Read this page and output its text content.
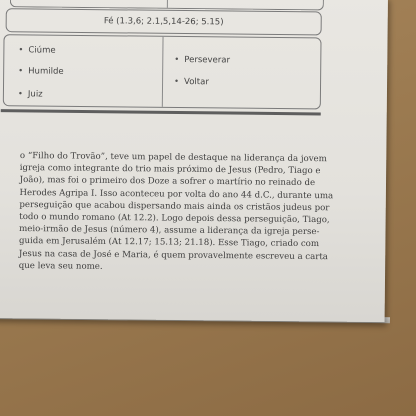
Fé (1.3,6; 2.1,5,14-26; 5.15)
• Ciúme
• Humilde
• Juiz
• Perseverar
• Voltar
o “Filho do Trovão”, teve um papel de destaque na liderança da jovem
igreja como integrante do trio mais próximo de Jesus (Pedro, Tiago e
João), mas foi o primeiro dos Doze a sofrer o martírio no reinado de
Herodes Agripa I. Isso aconteceu por volta do ano 44 d.C., durante uma
perseguição que acabou dispersando mais ainda os cristãos judeus por
todo o mundo romano (At 12.2). Logo depois dessa perseguição, Tiago,
meio-irmão de Jesus (número 4), assume a liderança da igreja perse-
guida em Jerusalém (At 12.17; 15.13; 21.18). Esse Tiago, criado com
Jesus na casa de José e Maria, é quem provavelmente escreveu a carta
que leva seu nome.
